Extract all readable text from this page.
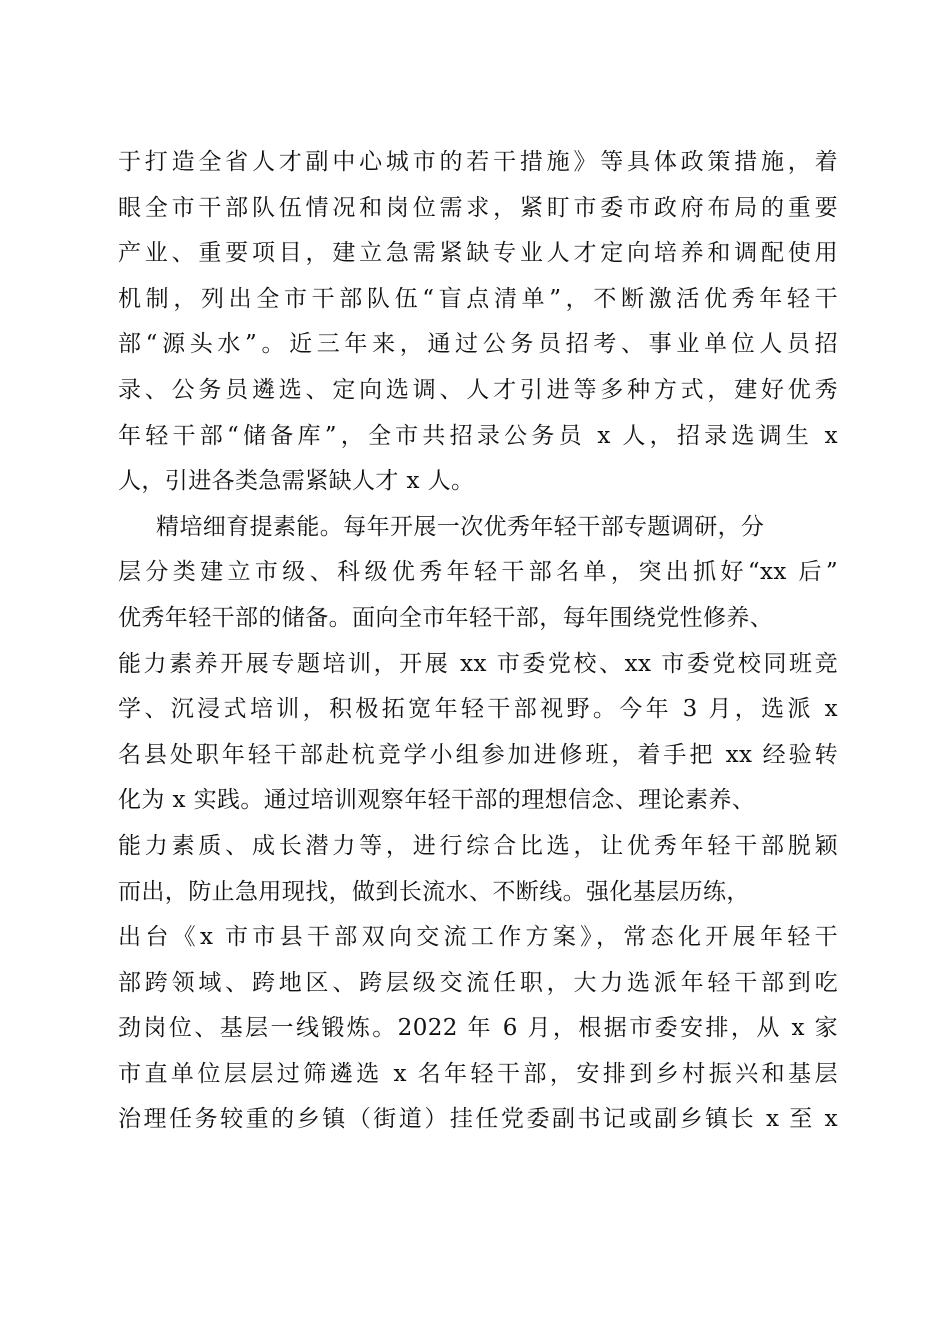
于打造全省人才副中心城市的若干措施》等具体政策措施，着
眼全市干部队伍情况和岗位需求，紧盯市委市政府布局的重要
产业、重要项目，建立急需紧缺专业人才定向培养和调配使用
机制，列出全市干部队伍“盲点清单”，不断激活优秀年轻干
部“源头水”。近三年来，通过公务员招考、事业单位人员招
录、公务员遴选、定向选调、人才引进等多种方式，建好优秀
年轻干部“储备库”，全市共招录公务员 x 人，招录选调生 x
人，引进各类急需紧缺人才 x 人。
精培细育提素能。每年开展一次优秀年轻干部专题调研，分
层分类建立市级、科级优秀年轻干部名单，突出抓好“xx 后”
优秀年轻干部的储备。面向全市年轻干部，每年围绕党性修养、
能力素养开展专题培训，开展 xx 市委党校、xx 市委党校同班竞
学、沉浸式培训，积极拓宽年轻干部视野。今年 3 月，选派 x
名县处职年轻干部赴杭竞学小组参加进修班，着手把 xx 经验转
化为 x 实践。通过培训观察年轻干部的理想信念、理论素养、
能力素质、成长潜力等，进行综合比选，让优秀年轻干部脱颖
而出，防止急用现找，做到长流水、不断线。强化基层历练，
出台《x 市市县干部双向交流工作方案》，常态化开展年轻干
部跨领域、跨地区、跨层级交流任职，大力选派年轻干部到吃
劲岗位、基层一线锻炼。2022 年 6 月，根据市委安排，从 x 家
市直单位层层过筛遴选 x 名年轻干部，安排到乡村振兴和基层
治理任务较重的乡镇（街道）挂任党委副书记或副乡镇长 x 至 x
